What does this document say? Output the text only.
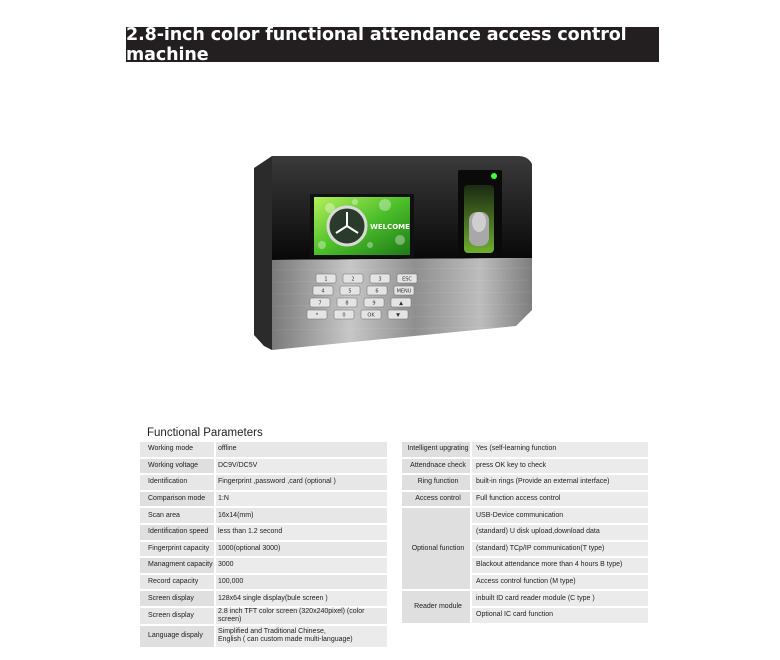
2.8-inch color functional attendance access control machine
WELCOME
1	2	3	ESC
4	5	6	MENU
7	8	9	▲
*	0	OK	▼
Functional Parameters
Working mode	offline
Working voltage	DC9V/DC5V
Identification	Fingerprint ,password ,card (optional )
Comparison mode	1:N
Scan area	16x14(mm)
Identification speed	less than 1.2 second
Fingerprint capacity	1000(optional 3000)
Managment capacity	3000
Record capacity	100,000
Screen display	128x64 single display(bule screen )
Screen display	2.8 inch TFT color screen (320x240pixel) (color screen)
Language dispaly	Simplified and Traditional Chinese,
English ( can custom made multi-language)
Intelligent upgrating	Yes (self-learning function
Attendnace check	press OK key to check
Ring function	built-in rings (Provide an external interface)
Access control	Full function access control
Optional function	USB-Device communication
	(standard) U disk upload,download data
	(standard) TCp/IP communication(T type)
	Blackout attendance more than 4 hours B type)
	Access control function (M type)
Reader module	inbuilt ID card reader module (C type )
	Optional IC card function
